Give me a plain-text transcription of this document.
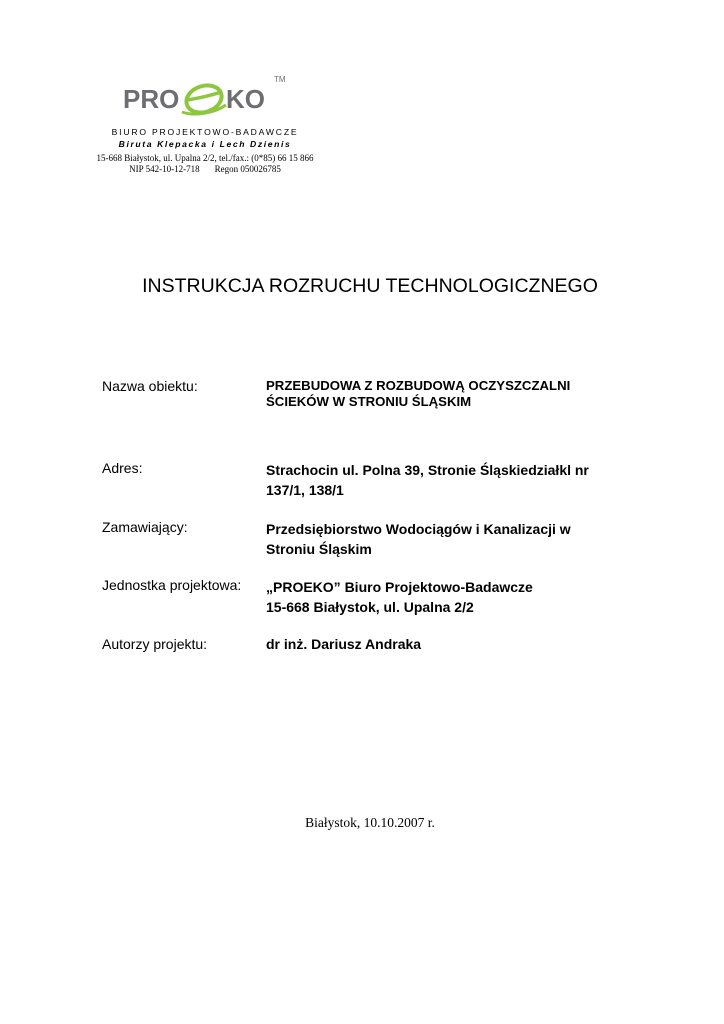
PRO KO
TM
BIURO PROJEKTOWO-BADAWCZE
Biruta Klepacka i Lech Dzienis
15-668 Białystok, ul. Upalna 2/2, tel./fax.: (0*85) 66 15 866
NIP 542-10-12-718 Regon 050026785
INSTRUKCJA ROZRUCHU TECHNOLOGICZNEGO
Nazwa obiektu:	PRZEBUDOWA Z ROZBUDOWĄ OCZYSZCZALNI
ŚCIEKÓW W STRONIU ŚLĄSKIM
Adres:	Strachocin ul. Polna 39, Stronie Śląskiedziałkl nr
137/1, 138/1
Zamawiający:	Przedsiębiorstwo Wodociągów i Kanalizacji w
Stroniu Śląskim
Jednostka projektowa: „PROEKO” Biuro Projektowo-Badawcze
15-668 Białystok, ul. Upalna 2/2
Autorzy projektu:	dr inż. Dariusz Andraka
Białystok, 10.10.2007 r.
